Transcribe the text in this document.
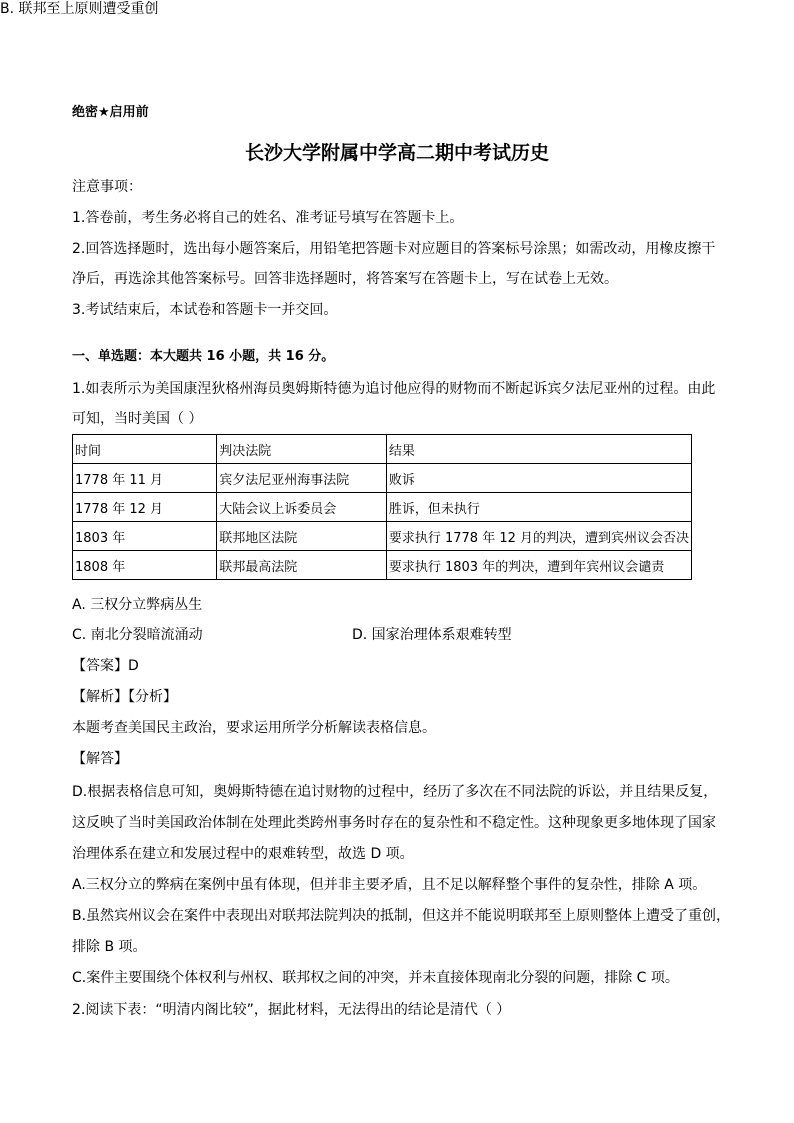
绝密★启用前
长沙大学附属中学高二期中考试历史
注意事项：
1.答卷前，考生务必将自己的姓名、准考证号填写在答题卡上。
2.回答选择题时，选出每小题答案后，用铅笔把答题卡对应题目的答案标号涂黑；如需改动，用橡皮擦干
净后，再选涂其他答案标号。回答非选择题时，将答案写在答题卡上，写在试卷上无效。
3.考试结束后，本试卷和答题卡一并交回。
一、单选题：本大题共 16 小题，共 16 分。
1.如表所示为美国康涅狄格州海员奥姆斯特德为追讨他应得的财物而不断起诉宾夕法尼亚州的过程。由此
可知，当时美国（ ）
时间	判决法院	结果
1778 年 11 月	宾夕法尼亚州海事法院	败诉
1778 年 12 月	大陆会议上诉委员会	胜诉，但未执行
1803 年	联邦地区法院	要求执行 1778 年 12 月的判决，遭到宾州议会否决
1808 年	联邦最高法院	要求执行 1803 年的判决，遭到年宾州议会谴责
A. 三权分立弊病丛生
B. 联邦至上原则遭受重创
C. 南北分裂暗流涌动	D. 国家治理体系艰难转型
【答案】D
【解析】【分析】
本题考查美国民主政治，要求运用所学分析解读表格信息。
【解答】
D.根据表格信息可知，奥姆斯特德在追讨财物的过程中，经历了多次在不同法院的诉讼，并且结果反复，
这反映了当时美国政治体制在处理此类跨州事务时存在的复杂性和不稳定性。这种现象更多地体现了国家
治理体系在建立和发展过程中的艰难转型，故选 D 项。
A.三权分立的弊病在案例中虽有体现，但并非主要矛盾，且不足以解释整个事件的复杂性，排除 A 项。
B.虽然宾州议会在案件中表现出对联邦法院判决的抵制，但这并不能说明联邦至上原则整体上遭受了重创，
排除 B 项。
C.案件主要围绕个体权利与州权、联邦权之间的冲突，并未直接体现南北分裂的问题，排除 C 项。
2.阅读下表：“明清内阁比较”，据此材料，无法得出的结论是清代（ ）
